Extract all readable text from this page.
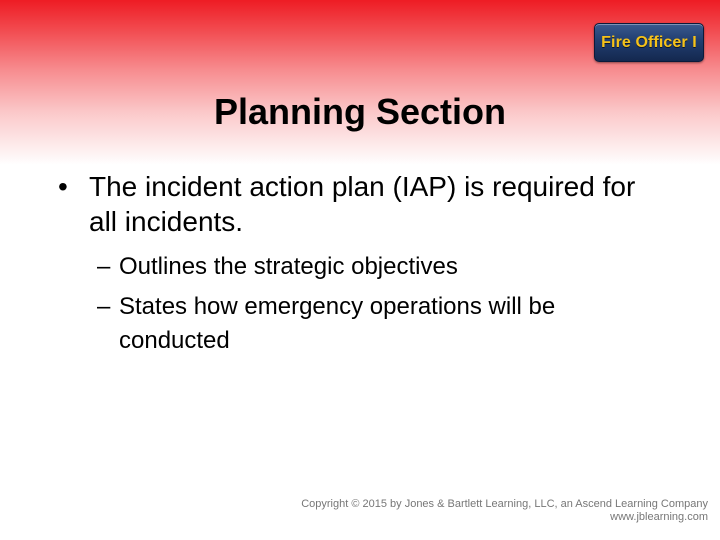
Fire Officer I
Planning Section
• The incident action plan (IAP) is required for all incidents.
– Outlines the strategic objectives
– States how emergency operations will be conducted
Copyright © 2015 by Jones & Bartlett Learning, LLC, an Ascend Learning Company
www.jblearning.com
